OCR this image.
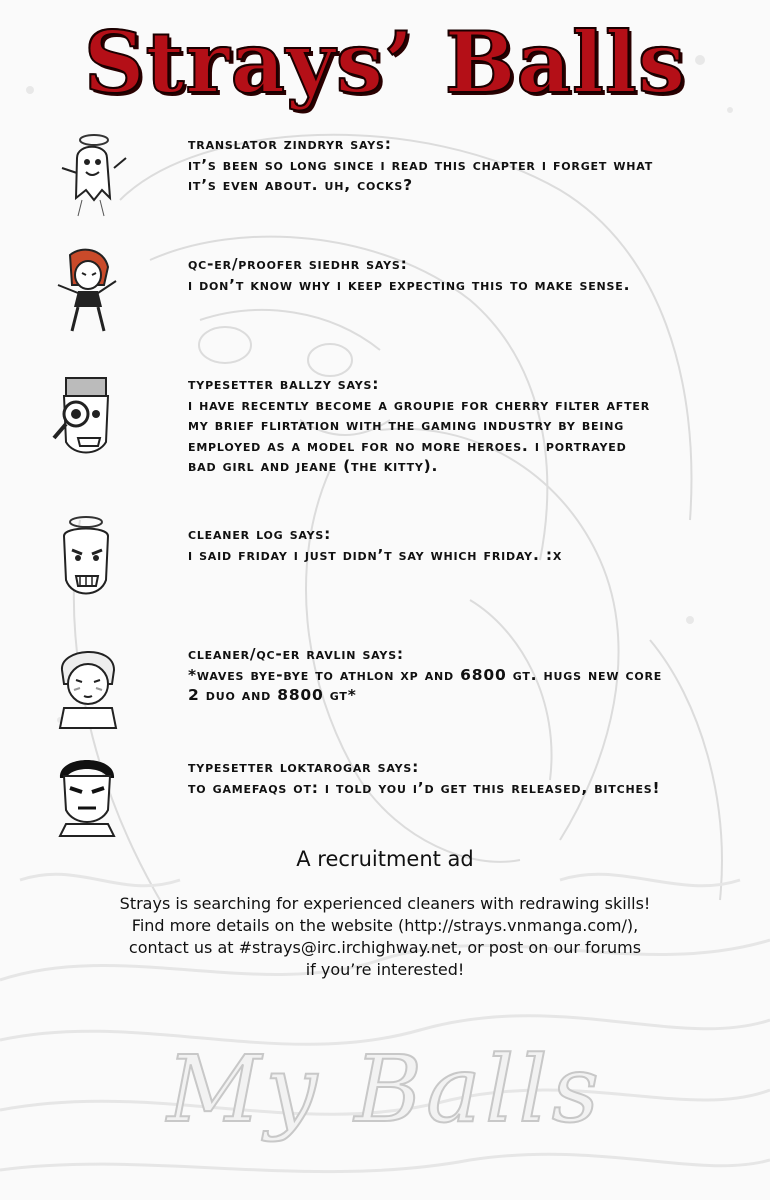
Strays’ Balls

translator zindryr says:

it’s been so long since i read this chapter i forget what

it’s even about. uh, cocks?

qc-er/proofer siedhr says:

i don’t know why i keep expecting this to make sense.

typesetter ballzy says:

i have recently become a groupie for cherry filter after

my brief flirtation with the gaming industry by being

employed as a model for no more heroes. i portrayed

bad girl and jeane (the kitty).

cleaner log says:

i said friday i just didn’t say which friday. :x

cleaner/qc-er ravlin says:

*waves bye-bye to athlon xp and 6800 gt. hugs new core

2 duo and 8800 gt*

typesetter loktarogar says:

to gamefaqs ot: i told you i’d get this released, bitches!

A recruitment ad
Strays is searching for experienced cleaners with redrawing skills!
Find more details on the website (http://strays.vnmanga.com/),
contact us at #strays@irc.irchighway.net, or post on our forums
if you’re interested!
My Balls
